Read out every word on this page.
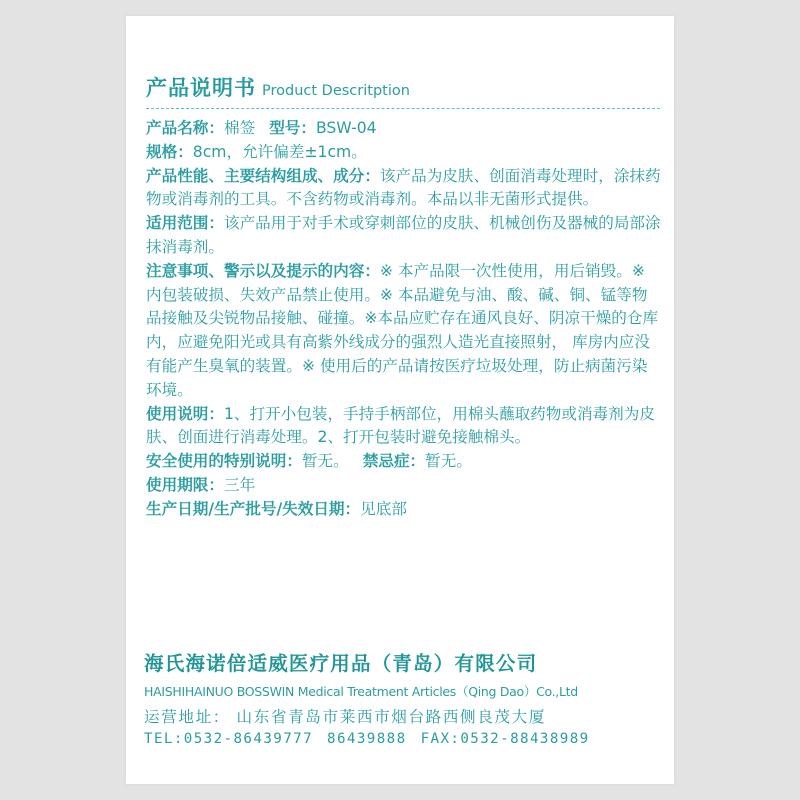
产品说明书 Product Descritption

产品名称：棉签 型号：BSW-04

规格：8cm，允许偏差±1cm。

产品性能、主要结构组成、成分：该产品为皮肤、创面消毒处理时，涂抹药物或消毒剂的工具。不含药物或消毒剂。本品以非无菌形式提供。

适用范围：该产品用于对手术或穿刺部位的皮肤、机械创伤及器械的局部涂抹消毒剂。

注意事项、警示以及提示的内容：※ 本产品限一次性使用，用后销毁。※ 内包装破损、失效产品禁止使用。※ 本品避免与油、酸、碱、铜、锰等物品接触及尖锐物品接触、碰撞。※本品应贮存在通风良好、阴凉干燥的仓库内，应避免阳光或具有高紫外线成分的强烈人造光直接照射， 库房内应没有能产生臭氧的装置。※ 使用后的产品请按医疗垃圾处理，防止病菌污染环境。

使用说明：1、打开小包装，手持手柄部位，用棉头蘸取药物或消毒剂为皮肤、创面进行消毒处理。2、打开包装时避免接触棉头。

安全使用的特别说明：暂无。 禁忌症：暂无。

使用期限：三年

生产日期/生产批号/失效日期：见底部

海氏海诺倍适威医疗用品（青岛）有限公司
HAISHIHAINUO BOSSWIN Medical Treatment Articles（Qing Dao）Co.,Ltd
运营地址： 山东省青岛市莱西市烟台路西侧良茂大厦
TEL:0532-86439777 86439888 FAX:0532-88438989
